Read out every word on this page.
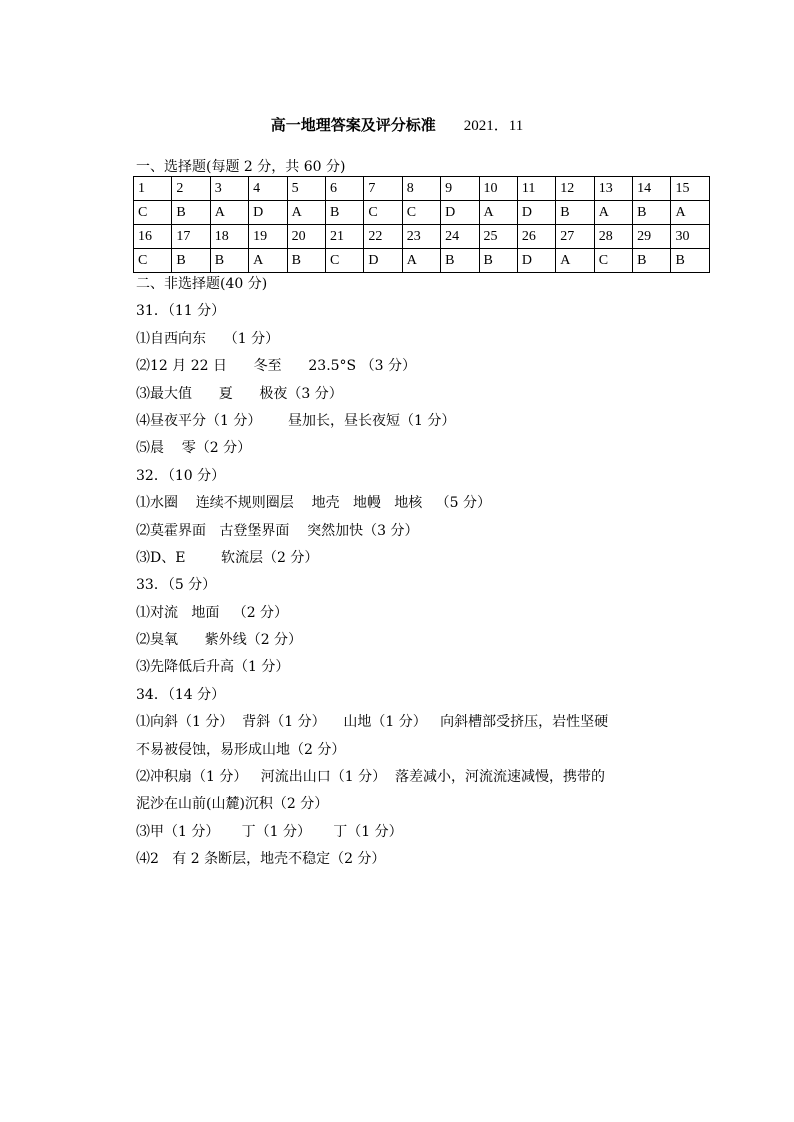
高一地理答案及评分标准 2021．11
一、选择题(每题 2 分，共 60 分)
1	2	3	4	5	6	7	8	9	10	11	12	13	14	15
C	B	A	D	A	B	C	C	D	A	D	B	A	B	A
16	17	18	19	20	21	22	23	24	25	26	27	28	29	30
C	B	B	A	B	C	D	A	B	B	D	A	C	B	B
二、非选择题(40 分)
31．（11 分）
⑴自西向东    （1 分）
⑵12 月 22 日      冬至      23.5°S （3 分）
⑶最大值      夏      极夜（3 分）
⑷昼夜平分（1 分）      昼加长，昼长夜短（1 分）
⑸晨    零（2 分）
32．（10 分）
⑴水圈    连续不规则圈层    地壳   地幔   地核   （5 分）
⑵莫霍界面   古登堡界面    突然加快（3 分）
⑶D、E        软流层（2 分）
33．（5 分）
⑴对流   地面   （2 分）
⑵臭氧      紫外线（2 分）
⑶先降低后升高（1 分）
34．（14 分）
⑴向斜（1 分）  背斜（1 分）    山地（1 分）   向斜槽部受挤压，岩性坚硬
不易被侵蚀，易形成山地（2 分）
⑵冲积扇（1 分）   河流出山口（1 分）  落差减小，河流流速减慢，携带的
泥沙在山前(山麓)沉积（2 分）
⑶甲（1 分）     丁（1 分）     丁（1 分）
⑷2   有 2 条断层，地壳不稳定（2 分）
